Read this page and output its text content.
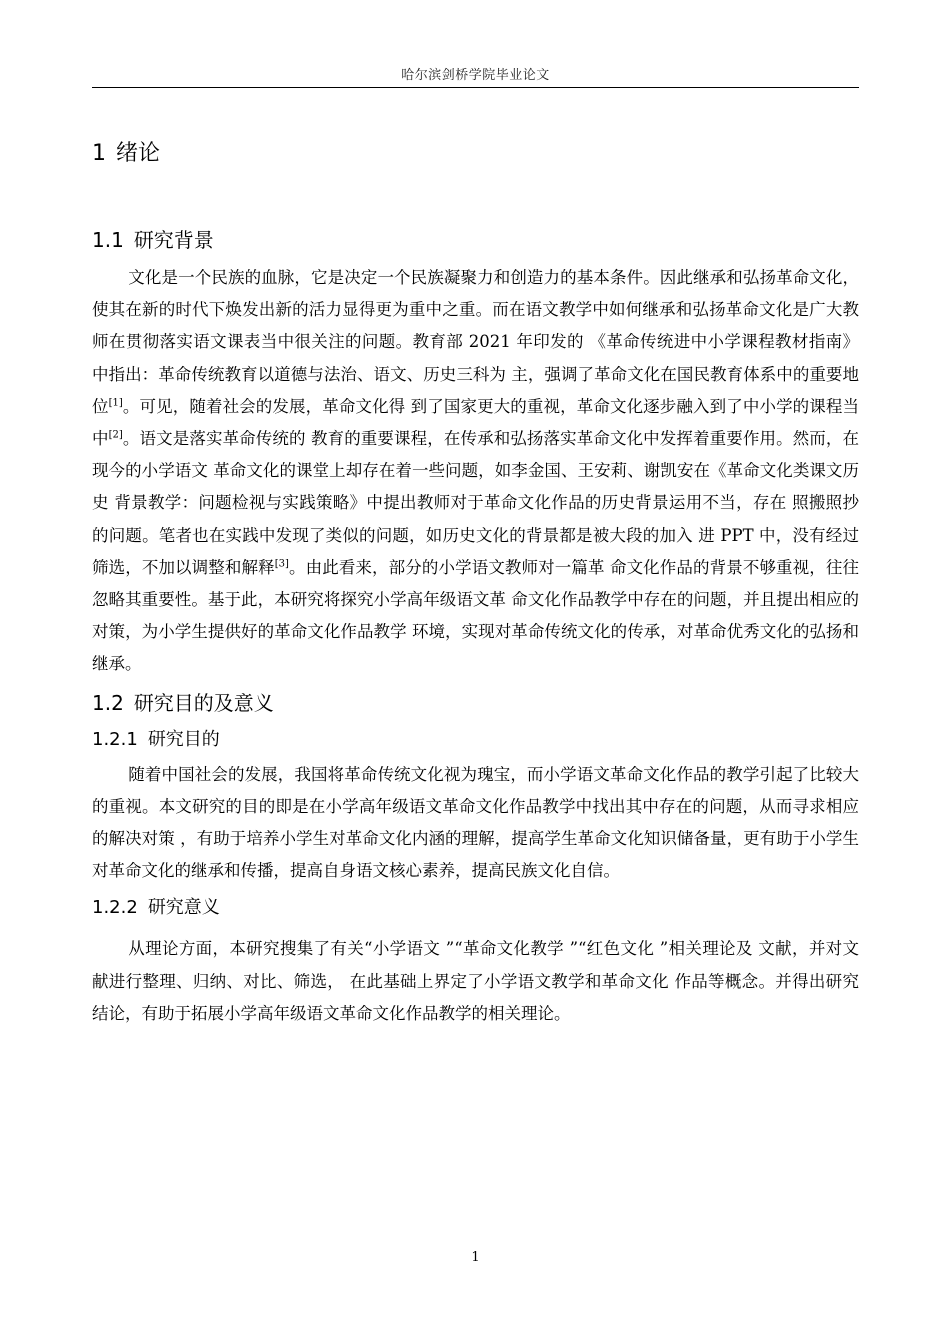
哈尔滨剑桥学院毕业论文
1 绪论
1.1 研究背景

文化是一个民族的血脉，它是决定一个民族凝聚力和创造力的基本条件。因此继承和弘扬革命文化，使其在新的时代下焕发出新的活力显得更为重中之重。而在语文教学中如何继承和弘扬革命文化是广大教师在贯彻落实语文课表当中很关注的问题。教育部 2021 年印发的 《革命传统进中小学课程教材指南》中指出：革命传统教育以道德与法治、语文、历史三科为 主，强调了革命文化在国民教育体系中的重要地位[1]。可见，随着社会的发展，革命文化得 到了国家更大的重视，革命文化逐步融入到了中小学的课程当中[2]。语文是落实革命传统的 教育的重要课程，在传承和弘扬落实革命文化中发挥着重要作用。然而，在现今的小学语文 革命文化的课堂上却存在着一些问题，如李金国、王安莉、谢凯安在《革命文化类课文历史 背景教学：问题检视与实践策略》中提出教师对于革命文化作品的历史背景运用不当，存在 照搬照抄的问题。笔者也在实践中发现了类似的问题，如历史文化的背景都是被大段的加入 进 PPT 中，没有经过筛选，不加以调整和解释[3]。由此看来，部分的小学语文教师对一篇革 命文化作品的背景不够重视，往往忽略其重要性。基于此，本研究将探究小学高年级语文革 命文化作品教学中存在的问题，并且提出相应的对策，为小学生提供好的革命文化作品教学 环境，实现对革命传统文化的传承，对革命优秀文化的弘扬和继承。

1.2 研究目的及意义
1.2.1 研究目的

随着中国社会的发展，我国将革命传统文化视为瑰宝，而小学语文革命文化作品的教学引起了比较大的重视。本文研究的目的即是在小学高年级语文革命文化作品教学中找出其中存在的问题，从而寻求相应的解决对策 ，有助于培养小学生对革命文化内涵的理解，提高学生革命文化知识储备量，更有助于小学生对革命文化的继承和传播，提高自身语文核心素养，提高民族文化自信。

1.2.2 研究意义

从理论方面，本研究搜集了有关“小学语文 ”“革命文化教学 ”“红色文化 ”相关理论及 文献，并对文献进行整理、归纳、对比、筛选， 在此基础上界定了小学语文教学和革命文化 作品等概念。并得出研究结论，有助于拓展小学高年级语文革命文化作品教学的相关理论。

1
